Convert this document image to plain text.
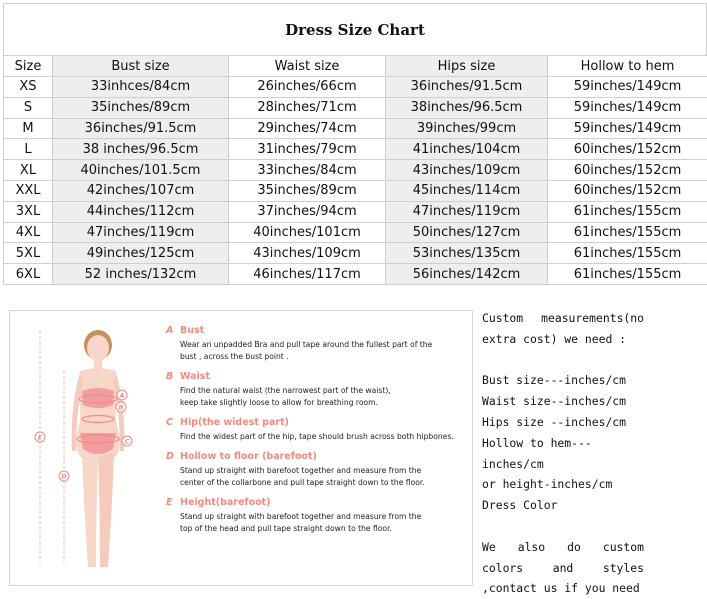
Dress Size Chart
Size	Bust size	Waist size	Hips size	Hollow to hem
XS	33inhces/84cm	26inches/66cm	36inches/91.5cm	59inches/149cm
S	35inches/89cm	28inches/71cm	38inches/96.5cm	59inches/149cm
M	36inches/91.5cm	29inches/74cm	39inches/99cm	59inches/149cm
L	38 inches/96.5cm	31inches/79cm	41inches/104cm	60inches/152cm
XL	40inches/101.5cm	33inches/84cm	43inches/109cm	60inches/152cm
XXL	42inches/107cm	35inches/89cm	45inches/114cm	60inches/152cm
3XL	44inches/112cm	37inches/94cm	47inches/119cm	61inches/155cm
4XL	47inches/119cm	40inches/101cm	50inches/127cm	61inches/155cm
5XL	49inches/125cm	43inches/109cm	53inches/135cm	61inches/155cm
6XL	52 inches/132cm	46inches/117cm	56inches/142cm	61inches/155cm
A
B
C
D
E
A Bust
Wear an unpadded Bra and pull tape around the fullest part of the
bust , across the bust point .
B Waist
Find the natural waist (the narrowest part of the waist),
keep take slightly loose to allow for breathing room.
C Hip(the widest part)
Find the widest part of the hip, tape should brush across both hipbones.
D Hollow to floor (barefoot)
Stand up straight with barefoot together and measure from the
center of the collarbone and pull tape straight down to the floor.
E Height(barefoot)
Stand up straight with barefoot together and measure from the
top of the head and pull tape straight down to the floor.

Custom measurements(no extra cost) we need :

Bust size---inches/cm
Waist size--inches/cm
Hips size --inches/cm
Hollow to hem---inches/cm
or height-inches/cm
Dress Color

We also do custom colors and styles ,contact us if you need
